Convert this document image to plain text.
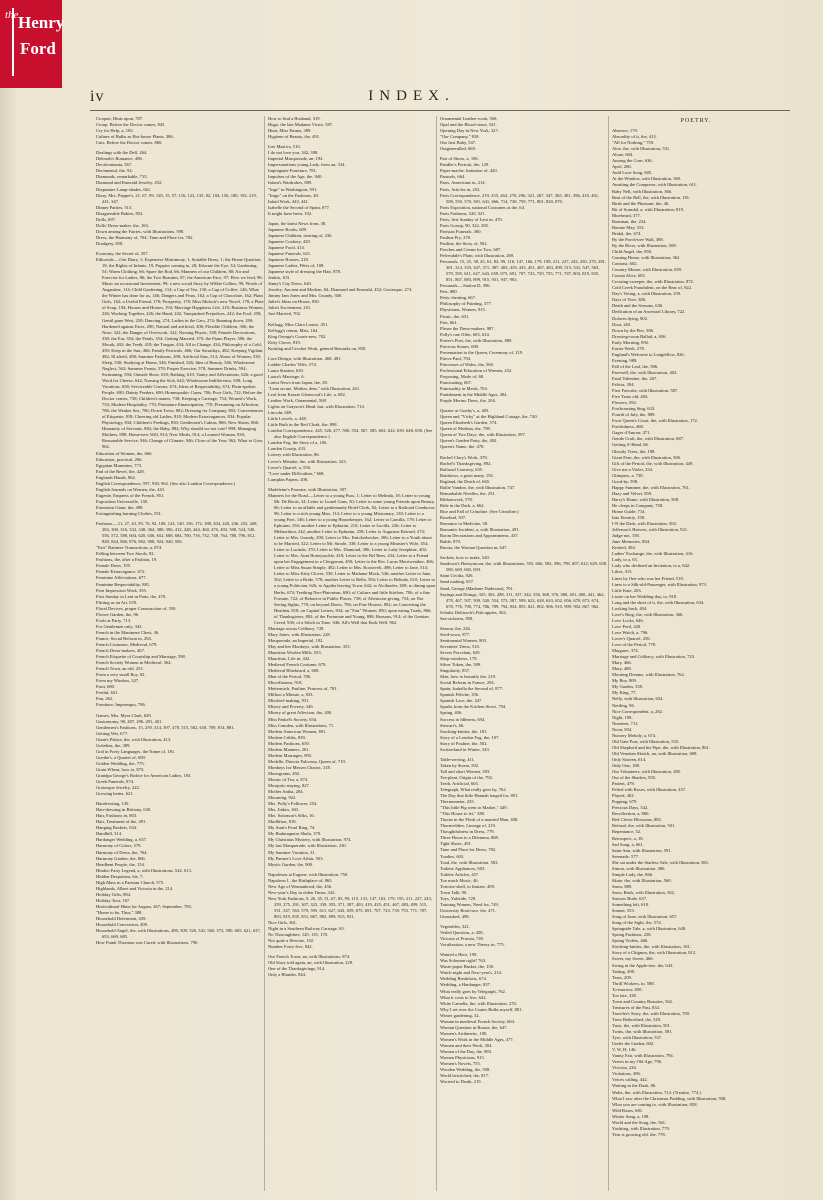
the Henry
Ford
iv	INDEX.

Croquet, Hints upon, 787.

Croup. Before the Doctor comes, 845.

Cry for Help, a, 182.

Culture of Bulbs as Hot-house Plants, 386.

Cuts. Before the Doctor comes, 860.

Dealings with the Dell, 264.

Deborah's Romance, 496.

Decalcomania, 567.

Decimental, the, 94.

Diamonds, remarkable, 715.

Diamond and Emerald Jewelry, 452.

Diapasture Lamp-shades, 661.

Diary, Mrs. Pepper's, 21, 67, 99, 128, 15, 57, 116, 122, 135, 92, 104, 156, 180, 192, 219, 241, 347.

Dinner Parties, 513.

Disagreeable Babies, 852.

Dolls, 697.

Dolls' Dress-maker, the, 163.

Down among the Fairies, with Illustrations, 598.

Dress, the Harmony of, 764; Time and Place for, 782.

Drudgery, 858.

Economy, the Secret of, 357.

Editorials.—Our Diary, 1; Expensive Matrimony, 1; Suitable Dress, 1; the Home Question, 19; the Rights of Infants, 19; Puppies coming in, 28; Educate the Eye, 34; Gardening, 54; Warm Clothing, 66; Spare the Rod, 66; Manners of our Children, 80; Air and Exercise for Ladies, 86; the Two Beauties, 87; the American Face, 97; How we feed, 98; Music an occasional Investment, 99; a new social Story by Wilkie Collins, 99; Words of Augustine, 114; Child Gardening, 114; a Cup of Tea, 130; a Cup of Coffee, 146; What the Winter has done for us, 146; Dangers and Fears, 162; a Cup of Chocolate, 162; Plain Girls, 162; a Useful Friend, 178; Prosperity, 178; Miss Mulock's new Novel, 178; a Plate of Soup, 194; Houses and Homes, 194; Marriage Happiness Life, 210; Business Women, 226; Working Together, 226; the Hand, 242; Vanquished Prejudices, 242; the Fool, 258; Gentil gone West, 258; Dancing, 274; Ladies in the Cars, 274; Running down, 290; Hardened against Facts, 290; Natural and artificial, 306; Flexible Children, 306; the Nose, 322; the Danger of Overwork, 322; Nursing Physic, 338; Female Decorations, 338; the Ear, 354; the Petals, 354; Getting Married, 370; the Piano Player, 386; the Mouth, 402; the Teeth, 418; the Tongue, 434; All in Change, 434; Philosophy of a Cold, 450; Keep in the Sun, 466; Family Festivals, 466; Our Saturdays, 482; Keeping Vigilant, 482; Ill afield, 498; Summer Fashions, 498; Artificial Sins, 514; Abuse of Women, 530; Sleep, 530; Studying at Home, 546; Finished, 546; Idea of Beauty, 546; Wholesome Neglect, 562; Summer Feasts, 578; Proper Exercise, 578; Summer Drinks, 594; Swimming, 594; Outside Show, 610; Bathing, 610; Vanity and Affectations, 626; a good Word for Cheese, 642; Nursing the Sick, 642; Wholesome Indifference, 658; Long Vacations, 658; Serviceable Cravats, 674; Ideas of Respectability, 674; Plain-spoken People, 690; Dainty Feeders, 690; Homeopathic Cures, 706; Poor Girls, 722; Before the Doctor comes, 738; Children's names, 738; Keeping a Carriage, 754; Women's Work, 754; Modern Hospitality, 770; Premature Emancipation, 770; Presuming on Affection, 786; the Weaker Sex, 786; Down Town, 802; Dressing for Company, 802; Conveniences of Etiquette, 818; Cheering old Ladies, 818; Modern Extravagances, 834; Popular Physiology, 834; Children's Feelings, 850; Gentlemen's Cabins, 866; New Slants, 866; Humanity of Servants, 882; the Baby, 882; Why should we not vote? 898; Managing Mothers, 898; Home-new Will, 914; New Meals, 914; a Learned Woman, 930; Reasonable Service, 946; Change of Climate, 946; Close of the Year, 962; What to Give, 962.

Education of Women, the, 666.

Education, practical, 266.

Egyptian Mummies, 773.

End of the Revel, the, 428.

Englands Hands, 862.

English Correspondence, 597, 938, 962. (See also London Correspondence.)

English Journals on Women, the, 443.

Eugenie, Empress of the French, 851.

Exposition Universelle, 138.

Extension Giant, the, 498.

Extinguishing burning Clothes, 551.

Fashions.—11, 27, 43, 59, 76, 92, 108, 124, 140, 156, 172, 188, 204, 220, 236, 252, 268, 284, 300, 316, 332, 348, 364, 380, 396, 412, 428, 444, 460, 476, 492, 508, 524, 540, 556, 572, 588, 604, 620, 636, 652, 668, 684, 700, 716, 732, 748, 764, 780, 796, 812, 828, 844, 860, 876, 892, 908, 924, 940, 956.

"Fair" Ratinere Transactions, a, 874.

Falling between Two Stools, 92.

Fashions, the, after a Fashion, 19.

Female Dress, 195.

Female Extravagance, 672.

Feminine Affectations, 677.

Feminine Respectability, 881.

Fern Impression Work, 355.

First Sunday in Lent in Paris, the, 470.

Flirting as an Art, 670.

Floral Devices, proper Construction of, 550.

Flower Garden, the, 96.

Fools at Party, 713.

For Gentlemen only, 343.

French in the Maniment Chest, 46.

France, Social Reform in, 294.

French Costumes, Medieval, 679.

French Dress-makers, 467.

French Etiquette of Courtship and Marriage, 598.

French Society Women in Medieval, 564.

French Town, an old, 253.

From a very small Boy, 82.

From my Window, 327.

Fruit, 680.

Fretful, 631.

Fun, 262.

Furniture, Impromptu, 786.

Games, Mrs. Myra Clark, 629.

Gastronomy, 90, 287, 296, 291, 401.

Gentlemen's Fashions, 15, 259, 314, 397, 478, 515, 582, 618, 709, 814, 881.

Getting Wet, 677.

Giant's Palace, the, with Illustration, 413.

Gobelins, the, 389.

God in Forty Languages, the Name of, 181.

Goethe's, a Quartet of, 690.

Golden Wedding, the, 775.

Grain Wheat, how to, 873.

Grandpa George's Bodice for American Ladies, 103.

Greek Funerals, 874.

Grotesque Jewelry, 222.

Growing better, 621.

Hairdressing, 145.

Hair-dressing in Brittany, 630.

Hair, Fashions in, 803.

Hair, Treatment of the, 491.

Hanging Baskets, 634.

Handbill, 314.

Hardanger Wedding, a, 637.

Harmony of Colors, 579.

Harmony of Dress, the, 764.

Harmony Garden, the, 866.

Headbent People, the, 154.

Hindoo Fairy Legend, a, with Illustrations, 542, 613.

Hidden Despotism, the, 7.

High Mass in a Parisian Church, 575.

Highlands, Albert and Victoria in the, 214.

Holiday Gifts, 884.

Holiday Tour, 167.

Horticultural Hints for August, 467; September, 783.

"Home to be, Thus," 388.

Household Deferment, 439.

Household Conversion, 499.

Household Angel, the, with Illustrations, 490, 509, 526, 541, 560, 573, 590, 605, 621, 637, 653, 669, 685.

How Frank Thornton was Cured, with Illustrations, 790.

How to find a Husband, 319.

Hugo, the late Madame Victor, 587.

Hunt, Miss Emma, 389.

Hygiene of Beauty, the, 491.

Ices Mastics, 510.

I do not love you, 342, 398.

Imperial Masquerade, an, 192.

Impersonations young Lady, from an, 334.

Impregnate Furniture, 781.

Impulses of the Age, the, 940.

Infant's Wardrobes, 889.

"Inge" in Washington, 591.

"Inigo" on the Fashions, 40.

Inlaid Work, 443, 441.

Isabelle the Second of Spain, 877.

It might have been, 192.

Japan, the latest News from, 38.

Japanese Books, 609.

Japanese Children, treating of, 236.

Japanese Cookery, 429.

Japanese Food, 414.

Japanese Funerals, 621.

Japanese Houses, 218.

Japanese Ladies, Fêtes of, 108.

Japanese style of dressing the Hair, 878.

Jenkin, 103.

Jenny's City Dress, 640.

Jewelry, Ancient and Modern, 84; Diamond and Emerald, 452; Grotesque, 274.

Jimmy Jam Jones and Mrs. Grundy, 300.

Juliet's Ideas on House, 830.

Julia's Excitement, 251.

Just Married, 702.

Kellogg, Miss Clara Louise, 451.

Kellogg's return, Miss, 164.

King George's Courts-new, 702.

Kitty Clover, 819.

Knitting and Crochet Work, general Remarks on, 850.

Lace Design, with Illustration, 468, 481.

Ladder Charles' Wife, 574.

Laura Stanton, 630.

Laura's Marriage, 6.

Latest News from Japan, the, 38.

"Lean on me, Mother, dear," with Illustration, 261.

Leaf from Kezzie Glenwood's Life, a, 682.

Leather Work, Ornamental, 568.

Lights on Grayson's Head, but, with Illustration, 714.

Lincoln, 669.

Little Lowels, a, 448.

Little Ruth in the Red Cloak, the, 898.

London Correspondence, 445, 526, 477, 500, 554, 567, 585, 602, 624, 639, 648, 658. (See also English Correspondence.)

London Fog, the Story of a, 106.

London Gossip, 433.

Lottery with Illustration, 86.

Lover's Mistake, the, with Illustration, 323.

Lover's Quarrel, a, 556.

"Love under Difficulties," 668.

Lumpkin Papers, 208.

Madeleine's Promise, with Illustration, 397.

Manners for the Road.—Letter to a young Puss, 1; Letter to Melinda, 18; Letter to young Mr. De Boots, 34; Letter to Lionel Gans, 50; Letter to some young Friends upon Beauty, 66; Letter to an affable and gentlemanly Hotel Clerk, 82; Letter to a Railroad Conductor, 98; Letter to a rich young Man, 114; Letter to a young Missionary, 130; Letter to a young Poet, 146; Letter to a young Housekeeper, 162; Letter to Camilla, 178; Letter to Ephraim, 194; another Letter to Ephraim, 210; Letter to Lucilla, 226; Letter to Melancthon, 242; another Letter to Ephraim, 258; Letter to Augustus Edward, 274; Letter to Mrs. Grundy, 290; Letter to Mrs. Knickerbocker, 306; Letter to a Youth about to be Married, 322; Letter to Mr. Strode, 338; Letter to a young Minister's Wife, 354; Letter to Lucinda, 370; Letter to Mrs. Diamond, 386; Letter to Lady Josephine, 402; Letter to Mrs. Aunt Honeysuckle, 418; Letter to the Bel Bees, 434; Letter to a Friend upon her Engagement to a Clergyman, 450; Letter to the Rev. Lucas Merriweather, 466; Letter to Miss Susan Simple, 482; Letter to Mrs. Roosevelt, 498; Letter to Jane, 514; Letter to Miss Kitty Clover, 530; Letter to Madame Mock, 546; another Letter to Jane, 562; Letter to a Bride, 578; another Letter to Bella, 594; Letter to Belinda, 610; Letter to a young Politician, 626; to Agatha leaving Town, 642; to Alcibiades, 658; to dining upon Herbs, 674; Teething Neo-Platonism, 690; of Culture and little Stitches, 706; of a fine Fortune, 722; of Behavior in Public Places, 738; of Afternoon-giving, 754; on Not Seeing Sights, 770; on beyond Doors, 786; on Fine Houses, 802; on Converting the Heathen, 818; on Capital Letters, 834; on "Fair" Women, 850; upon eating Toads, 866; of Thanksgivers, 882; of the Fortunate and Young, 898; Reasons, 914; of the Gentian Creed, 930; of a Stitch in Time, 946; All's Well that Ends Well, 962.

Marriage across Celibacy, 749.

Mary Jones, with Illustration, 228.

Masquerade, an Imperial, 192.

May and her Monkeys, with Illustration, 353.

Mauritius Woolen Mills, 553.

Mauritius, Life in, 442.

Medieval French Costume, 679.

Medieval Bluebeard, a, 608.

Men of the Period, 786.

Miscellanous, 918.

Mettermich, Pauline, Princess of, 781.

Million a Minute, a, 833.

Mischief-making, 931.

Misery and Poverty, 346.

Misery of great Affection, the, 200.

Miss Paskel's Society, 634.

Miss Camden, with Illustrations, 71.

Modern American Women, 691.

Modern Cribbs, 839.

Modern Fashions, 650.

Modern Manners, 261.

Modern Marriages, 893.

Modelle, Dioscia Falconsa, Queen of, 710.

Monkeys for Messes Chariot, 318.

Monograms, 492.

Mosaic of Tea, a, 874.

Mosquito staying, 827.

Mother Aniha, 284.

Mourning, 922.

Mrs. Polly's Follower, 254.

Mrs. Jinkin, 160.

Mrs. Solomon's Silks, 16.

Mudlifton, 810.

My Aunt's Pearl Ring, 74.

My Brahmaputra Shulu, 379.

My Christmas Mystery, with Illustration, 974.

My last Masquerade, with Illustration, 230.

My Summer Vacation, 31.

My Partner's Love Affair, 503.

Mystic Garden, the, 900.

Napoleons at Eugene, with Illustration, 750.

Napoleon I., the Birthplace of, 865.

New Age of Womanhood, the, 456.

New-year's Day in olden Times, 342.

New York Fashions, 9, 26, 35, 51, 67, 83, 99, 115, 131, 147, 163, 179, 195, 211, 227, 243, 259, 275, 291, 307, 323, 339, 355, 371, 387, 403, 419, 435, 451, 467, 483, 499, 515, 531, 547, 563, 579, 595, 611, 627, 643, 659, 675, 691, 707, 723, 739, 755, 771, 787, 803, 819, 835, 851, 867, 883, 899, 915, 931.

Nice Girls, 361.

Night in a Southern Railway Carriage, 63.

No Thoroughfare, 120, 135, 170.

Not quite a Heroine, 192.

Number Forty-five, 842.

Our French Town, an, with Illustrations, 874.

Old Story told again, an, with Illustration, 229.

One of the Thanksgivings, 914.

Only a Blunder, 844.

Ornamental Leather-work, 568.

Opal and the Blood-stone, 541.

Opening Day in New York, 327.

"Our Company," 818.

Our first Baby, 547.

Outgeneralled, 669.

Pair of Shoes, a, 186.

Pandler's Portrait, the, 129.

Paper-mache, Imitation of, 420.

Parasols, 664.

Paris, Americans in, 214.

Paris, Articles in, 252.

Paris Correspondence, 219, 235, 264, 270, 296, 321, 267, 347, 365, 381, 396, 410, 461, 508, 550, 570, 581, 641, 666, 714, 738, 759, 771, 801, 820, 870.

Paris Exposition, national Costumes at the, 64.

Paris Fashions, 520, 521.

Paris, first Sunday of Lent in, 470.

Paris Gossip, 90, 322, 285.

Parisian Funerals, 360.

Pauline Pry, 278.

Pauline, the Story of, 502.

Peaches and Cream for Two, 687.

Pelvesdale's Plain, with Illustration, 269.

Personals, 15, 25, 38, 45, 61, 84, 99, 116, 147, 166, 179, 198, 211, 227, 243, 250, 270, 281, 301, 314, 333, 347, 371, 387, 403, 419, 435, 451, 467, 483, 499, 515, 531, 547, 563, 579, 595, 611, 627, 643, 659, 675, 691, 707, 723, 739, 755, 771, 787, 803, 819, 835, 851, 867, 883, 899, 915, 931, 947, 963.

Personals.—Station D, 396.

Pets, 880.

Petty cheating, 667.

Philosophy of Painting, 377.

Physicians, Women, 915.

Picnic, the, 631.

Pies, 661.

Please the Dress-makers, 987.

Polly's one Offer, 603, 614.

Porter's Poet, the, with Illustration, 889.

Precious Stones, 690.

Presentation to the Queen, Ceremony of, 219.

Prince Paul, 794.

Princesses of Wales, the, 560.

Professional Education of Women, 232.

Proposing, Mode of, 68.

Punctuating, 667.

Punctuality in Meals, 704.

Punishment in the Middle Ages, 494.

Purple Merino Dress, the, 204.

Quarter at Gorthy's, a, 403.

Queen and "Vicky" at the Highland Cottage, the, 740.

Queen Elizabeth's Garden, 574.

Queen of Modena, the, 789.

Queen of Two Days, the, with Illustration, 597.

Queen's Garden Party, the, 492.

Queen's Name, the, 478.

Rachel Clary's Work, 378.

Rachel's Thanksgiving, 892.

Railroad Courtesy, 635.

Rainbows, a great many, 192.

Ragland, the Death of, 665.

Rallie Vandon, the, with Illustration, 747.

Remarkable Needles, the, 251.

Ribbonwork, 578.

Ride in the Dark, a, 662.

Rise and Fall of Crinoline. (See Crinoline.)

Rosebud, 507.

Romance in Medicine, 38.

Romantic Incident, a, with Illustration, 491.

Room Decorations and Appointments, 437.

Ruble, 870.

Russia, the Woman Question in, 647.

Sackets, how to make, 540.

Sandown's Honeymoon, the, with Illustrations, 555, 666, 582, 596, 798, 607, 612, 629, 658, 580, 669, 682, 693.

Saint Cecilia, 926.

Sand making, 657.

Sand, George (Madame Dudevant), 701.

Sayings and Doings, 325, 302, 288, 311, 337, 342, 356, 368, 376, 380, 401, 400, 441, 462, 478, 467, 507, 509, 520, 554, 573, 587, 599, 622, 628, 633, 652, 656, 670, 673, 674, 678, 776, 790, 774, 786, 789, 794, 834, 855, 821, 802, 906, 910, 909, 902, 867, 962.

Schultz Delitzsch's Fish-apples, 562.

Sea-sickness, 858.

Season, the, 226.

Seed-sown, 877.

Sentimental Women, 803.

Seventies' Dress, 510.

Severs Porcelain, 639.

Shop-windows, 179.

Silver Token, the, 509.

Singularity, 857.

Skin, how to beautify the, 219.

Social Reform in France, 294.

Spain, Isabella the Second of, 877.

Spanish Fêtiche, 356.

Spanish Lace, the, 447.

Sparks from the Kitchen Stove, 794.

Spring, 406.

Success in Idleness, 694.

Stewart's, 66.

Stocking-knitter, the, 181.

Story of a London Fog, the, 107.

Story of Pauline, the, 502.

Switzerland in Winter, 543.

Table-serving, 411.

Taken by Storm, 502.

Tall and short Women, 383.

Tea-plant, Origin of the, 792.

Teeth, Artificial, 603.

Telegraph, What really goes by, 762.

The Day that little Hannah longed for, 891.

Thermometer, 255.

"This little Pig went to Market," 449.

"This House to let," 380.

Thorns in the Flesh of a married Man, 408.

Thornveldtes, Lineage of, 219.

Thoughtfulness in Dress, 779.

Three Hours to a Dilemma, 868.

Tight Shoes, 491.

Time and Place for Dress, 782.

Toadies, 603.

Toad, the, with Illustration, 563.

Toilette Appliances, 603.

Toilette Articles, 457.

Too much Music, 46.

Tortoise-shell, to Imitate, 409.

Town Talk, 90.

Toys, Yuletide, 729.

Training Women, Need for, 749.

University Boat-race, the, 471.

Unmasked, 498.

Vegetables, 321.

Veiled Question, a, 458.

Victoria of Prussia, 749.

Vocalization, a new Theory in, 775.

Wanted a Hero, 199.

Was Solomon right? 763.

Waste-paper Basket, the, 150.

Watch-night and New-year's, 214.

Wedding Breakfasts, 674.

Wedding, a Hardanger, 837.

What really goes by Telegraph, 762.

What it costs to live, 642.

White Camella, the, with Illustration, 270.

Why I set over the Coates Bulbs myself, 801.

Winter gardening, 32.

Woman in medieval French Society, 604.

Woman Question in Russia, the, 647.

Women's Arithmetic, 190.

Women's Work in the Middle Ages, 477.

Women and their Work, 304.

Women of the Day, the, 883.

Women Physicians, 915.

Women's Novels, 755.

Wooden Wedding, the, 938.

World bewitched, the, 817.

Worried to Death, 219.

POETRY.

Absence, 179.

Absurdity of it, the, 413.

"All for Nothing," 759.

Aloe, the, with Illustration, 531.

Alone, 604.

Among the Corn, 636.

April, 286.

Auld Love Song, 605.

At the Window, with Illustration, 360.

Awaiting the Conqueror, with Illustration, 611.

Baby Nell, with Illustration, 366.

Beat of the Bell, the, with Illustration, 181.

Birds and the Pheasant, the, 46.

Bit of Scandal, a, with Illustration, 819.

Bluebeard, 377.

Boatman, the, 234.

Bonnie May, 313.

Bridal, the, 674.

By the Porch-tree Wall, 388.

By the River, with Illustration, 508.

Child Angel, the, 850.

Coming Home, with Illustration, 362.

Contrast, 602.

Country Mouse, with Illustration, 659.

Cousin Alice, 605.

Crossing-sweeper, the, with Illustration, 872.

Cold Creek Fraudulent, on the Rear of, 922.

Day's Voting, a, with Illustration, 259.

Days of Yore, 386.

Death and the Seasons, 636.

Dedication of an Ancestral Library, 722.

Dolores dying, 802.

Dora, 265.

Down by the Pier, 586.

Drawing-room Ballad, a, 656.

Early Morning, 892.

Easter Week, 278.

England's Welcome to Longfellow, 826.

Evening, 989.

Fall of the Leaf, the, 586.

Farewell, the, with Illustration, 402.

Fatal Valentine, the, 267.

Felicia, 394.

First Favorite, with Illustration, 587.

Five Years old, 404.

Flowers, 592.

Forthcoming Sing, 633.

Fourth of July, the, 889.

Frost Queen's Court, the, with Illustration, 172.

Fruitfulness, 468.

Gages d'Amour, 471.

Gentle Craft, the, with Illustration, 687.

Getting A-Head, 66.

Ghostly Trees, the, 198.

Giant Fern, the, with Illustration, 506.

Gift of the Period, the, with Illustration, 449.

Give me a Violet, 234.

Glimpses, a, 738.

Good-by, 598.

Happy Summer, the, with Illustration, 761.

Hazy and Velvet, 859.

Harry's Home, with Illustration, 508.

He cleeps in Company, 758.

Home Guide, 714.

Into Eternity, 158.

I-N the Dark, with Illustration, 504.

Jefferson's Harvest, with Illustration, 921.

Judge not, 158.

June Memories, 804.

Knitted, 494.

Ladies' Exchange, the, with Illustration, 416.

Lady, to a, 63.

Lady who declined an Invitation, to a, 642.

Lilies, 313.

Lines by One who was her Friend, 518.

Lines to a Silk-old-Passenger, with Illustration, 973.

Little Kate, 203.

Lizzie on her Wedding-day, to, 918.

Long and the short of it, the, with Illustration, 634.

Looking back, 404.

Love's Ring, the, with Illustration, 366.

Love Locks, 646.

Love Peril, 420.

Love Watch, a, 796.

Lover's Quarrel, 256.

Love of the Period, 778.

Margaret, 374.

Marriage and Celibacy, with Illustration, 723.

Mary, 466.

Mary, 468.

Morning Dreams, with Illustration, 762.

My Boy, 809.

My Garden, 558.

My King, 77.

Nelly, with Illustration, 634.

Nettling, 96.

Nice Correspondent, a, 282.

Night, 198.

Nineteen, 711.

Noon, 834.

Nursery Melody, a, 674.

Old Gate Post, with Illustration, 533.

Old Shepherd and his Pipe, the, with Illustration, 861.

Old Venetian Sketch, an, with Illustration, 608.

Only Sixteen, 614.

Only One, 188.

Our Volunteers, with Illustration, 285.

Out of the Shadow, 835.

Patient, 479.

Pelted with Roses, with Illustration, 457.

Played, 402.

Popping, 679.

Precious Days, 542.

Recollection, a, 866.

Red Clover Blossoms, 883.

Refusal, the, with Illustration, 501.

Repentance, 52.

Retrospect, a, 18.

Sad Song, a, 661.

Saint Ann, with Illustration, 591.

Serenade, 577.

She sat under the Starless Vale, with Illustration, 801.

Simon, with Illustration, 386.

Simple Lady, the, 866.

Skate, the, with Illustration, 560.

Snow, 889.

Snow Birds, with Illustration, 562.

Snowes Bude, 637.

Something left, 618.

Sonnet, 553.

Song of June, with Illustration, 657.

Song of the Sight, the, 574.

Springside Tale, a, with Illustration, 648.

Spring Fashions, 258.

Spring Violets, 466.

Stocking-knitter, the, with Illustration, 181.

Story of a Chignon, the, with Illustration, 812.

Sweet, my Sweet, 466.

Swing in the Apple-tree, the, 643.

Tatting, 498.

Tears, 209.

Thrill Workers, to, 588.

To-morrow, 650.

Too late, 338.

Town and Country Beauties, 562.

Treasures of the Past, 834.

Traveler's Story, the, with Illustration, 700.

Tress Bethrothed, the, 529.

Trust, the, with Illustration, 501.

Twins, the, with Illustration, 581.

Tyro, with Illustration, 537.

Under the Linden, 602.

V, W, H, 146.

Vanity Fair, with Illustration, 794.

Verses in my Old Age, 796.

Victoria, 226.

Violations, 496.

Voices calling, 442.

Waiting in the Dusk, 86.

Waltz, the, with Illustration, 714. (Treatise, 774.)

What I saw after the Christmas Pudding, with Illustration, 938.

What you are coming to, with Illustration, 858.

Wild Roses, 681.

Winter Song, a, 198.

World and the Song, the, 561.

Yachting, with Illustration, 779.

Year is growing old, the, 778.
